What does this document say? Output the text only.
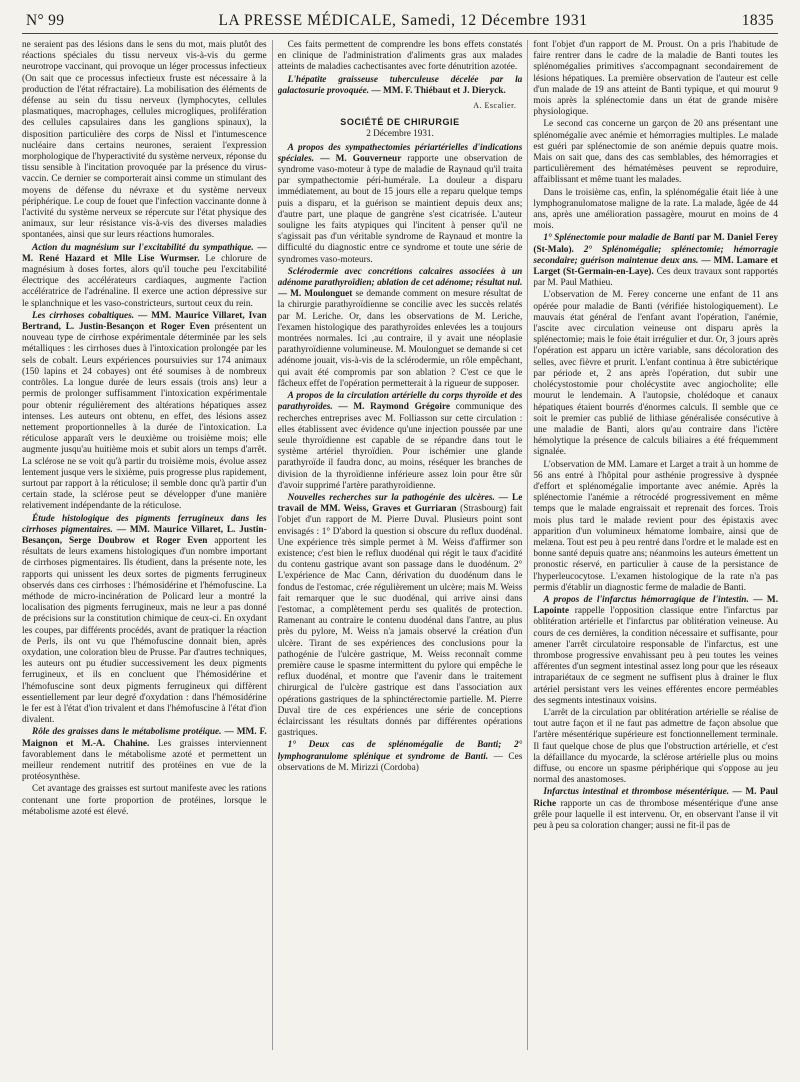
N° 99	LA PRESSE MÉDICALE, Samedi, 12 Décembre 1931	1835

ne seraient pas des lésions dans le sens du mot, mais plutôt des réactions spéciales du tissu nerveux vis-à-vis du germe neurotrope vaccinant, qui provoque un léger processus infectieux (On sait que ce processus infectieux fruste est nécessaire à la production de l'état réfractaire). La mobilisation des éléments de défense au sein du tissu nerveux (lymphocytes, cellules plasmatiques, macrophages, cellules microgliques, prolifération des cellules capsulaires dans les ganglions spinaux), la disposition particulière des corps de Nissl et l'intumescence nucléaire dans certains neurones, seraient l'expression morphologique de l'hyperactivité du système nerveux, réponse du tissu sensible à l'incitation provoquée par la présence du virus-vaccin. Ce dernier se comporterait ainsi comme un stimulant des moyens de défense du névraxe et du système nerveux périphérique. Le coup de fouet que l'infection vaccinante donne à l'activité du système nerveux se répercute sur l'état physique des animaux, sur leur résistance vis-à-vis des diverses maladies spontanées, ainsi que sur leurs réactions humorales.

Action du magnésium sur l'excitabilité du sympathique. — M. René Hazard et Mlle Lise Wurmser. Le chlorure de magnésium à doses fortes, alors qu'il touche peu l'excitabilité électrique des accélérateurs cardiaques, augmente l'action accélératrice de l'adrénaline. Il exerce une action dépressive sur le splanchnique et les vaso-constricteurs, surtout ceux du rein.

Les cirrhoses cobaltiques. — MM. Maurice Villaret, Ivan Bertrand, L. Justin-Besançon et Roger Even présentent un nouveau type de cirrhose expérimentale déterminée par les sels métalliques : les cirrhoses dues à l'intoxication prolongée par les sels de cobalt. Leurs expériences poursuivies sur 174 animaux (150 lapins et 24 cobayes) ont été soumises à de nombreux contrôles. La longue durée de leurs essais (trois ans) leur a permis de prolonger suffisamment l'intoxication expérimentale pour obtenir régulièrement des altérations hépatiques assez intenses. Les auteurs ont obtenu, en effet, des lésions assez nettement proportionnelles à la durée de l'intoxication. La réticulose apparaît vers le deuxième ou troisième mois; elle augmente jusqu'au huitième mois et subit alors un temps d'arrêt. La sclérose ne se voit qu'à partir du troisième mois, évolue assez lentement jusque vers le sixième, puis progresse plus rapidement, surtout par rapport à la réticulose; il semble donc qu'à partir d'un certain stade, la sclérose peut se développer d'une manière relativement indépendante de la réticulose.

Étude histologique des pigments ferrugineux dans les cirrhoses pigmentaires. — MM. Maurice Villaret, L. Justin-Besançon, Serge Doubrow et Roger Even apportent les résultats de leurs examens histologiques d'un nombre important de cirrhoses pigmentaires. Ils étudient, dans la présente note, les rapports qui unissent les deux sortes de pigments ferrugineux observés dans ces cirrhoses : l'hémosidérine et l'hémofuscine. La méthode de micro-incinération de Policard leur a montré la localisation des pigments ferrugineux, mais ne leur a pas donné de précisions sur la constitution chimique de ceux-ci. En oxydant les coupes, par différents procédés, avant de pratiquer la réaction de Perls, ils ont vu que l'hémofuscine donnait bien, après oxydation, une coloration bleu de Prusse. Par d'autres techniques, les auteurs ont pu étudier successivement les deux pigments ferrugineux, et ils en concluent que l'hémosidérine et l'hémofuscine sont deux pigments ferrugineux qui diffèrent essentiellement par leur degré d'oxydation : dans l'hémosidérine le fer est à l'état d'ion trivalent et dans l'hémofuscine à l'état d'ion divalent.

Rôle des graisses dans le métabolisme protéique. — MM. F. Maignon et M.-A. Chahine. Les graisses interviennent favorablement dans le métabolisme azoté et permettent un meilleur rendement nutritif des protéines en vue de la protéosynthèse.

Cet avantage des graisses est surtout manifeste avec les rations contenant une forte proportion de protéines, lorsque le métabolisme azoté est élevé.

Ces faits permettent de comprendre les bons effets constatés en clinique de l'administration d'aliments gras aux malades atteints de maladies cachectisantes avec forte dénutrition azotée.

L'hépatite graisseuse tuberculeuse décelée par la galactosurie provoquée. — MM. F. Thiébaut et J. Dieryck.

A. Escalier.
SOCIÉTÉ DE CHIRURGIE
2 Décembre 1931.

A propos des sympathectomies périartérielles d'indications spéciales. — M. Gouverneur rapporte une observation de syndrome vaso-moteur à type de maladie de Raynaud qu'il traita par sympathectomie péri-humérale. La douleur a disparu immédiatement, au bout de 15 jours elle a reparu quelque temps puis a disparu, et la guérison se maintient depuis deux ans; d'autre part, une plaque de gangrène s'est cicatrisée. L'auteur souligne les faits atypiques qui l'incitent à penser qu'il ne s'agissait pas d'un véritable syndrome de Raynaud et montre la difficulté du diagnostic entre ce syndrome et toute une série de syndromes vaso-moteurs.

Sclérodermie avec concrétions calcaires associées à un adénome parathyroïdien; ablation de cet adénome; résultat nul. — M. Moulonguet se demande comment on mesure résultat de la chirurgie parathyroïdienne se concilie avec les succès relatés par M. Leriche. Or, dans les observations de M. Leriche, l'examen histologique des parathyroïdes enlevées les a toujours montrées normales. Ici ,au contraire, il y avait une néoplasie parathyroïdienne volumineuse. M. Moulonguet se demande si cet adénome jouait, vis-à-vis de la sclérodermie, un rôle empêchant, qui avait été compromis par son ablation ? C'est ce que le fâcheux effet de l'opération permetterait à la rigueur de supposer.

A propos de la circulation artérielle du corps thyroïde et des parathyroïdes. — M. Raymond Grégoire communique des recherches entreprises avec M. Folliasson sur cette circulation : elles établissent avec évidence qu'une injection poussée par une seule thyroïdienne est capable de se répandre dans tout le système artériel thyroïdien. Pour ischémier une glande parathyroïde il faudra donc, au moins, réséquer les branches de division de la thyroïdienne inférieure assez loin pour être sûr d'avoir supprimé l'artère parathyroïdienne.

Nouvelles recherches sur la pathogénie des ulcères. — Le travail de MM. Weiss, Graves et Gurriaran (Strasbourg) fait l'objet d'un rapport de M. Pierre Duval. Plusieurs point sont envisagés : 1° D'abord la question si obscure du reflux duodénal. Une expérience très simple permet à M. Weiss d'affirmer son existence; c'est bien le reflux duodénal qui régit le taux d'acidité du contenu gastrique avant son passage dans le duodénum. 2° L'expérience de Mac Cann, dérivation du duodénum dans le fondus de l'estomac, crée régulièrement un ulcère; mais M. Weiss fait remarquer que le suc duodénal, qui arrive ainsi dans l'estomac, a complètement perdu ses qualités de protection. Ramenant au contraire le contenu duodénal dans l'antre, au plus près du pylore, M. Weiss n'a jamais observé la création d'un ulcère. Tirant de ses expériences des conclusions pour la pathogénie de l'ulcère gastrique, M. Weiss reconnaît comme première cause le spasme intermittent du pylore qui empêche le reflux duodénal, et montre que l'avenir dans le traitement chirurgical de l'ulcère gastrique est dans l'association aux opérations gastriques de la sphinctérectomie partielle. M. Pierre Duval tire de ces expériences une série de conceptions éclaircissant les résultats donnés par différentes opérations gastriques.

1° Deux cas de splénomégalie de Banti; 2° lymphogranulome splénique et syndrome de Banti. — Ces observations de M. Mirizzi (Cordoba)

font l'objet d'un rapport de M. Proust. On a pris l'habitude de faire rentrer dans le cadre de la maladie de Banti toutes les splénomégalies primitives s'accompagnant secondairement de lésions hépatiques. La première observation de l'auteur est celle d'un malade de 19 ans atteint de Banti typique, et qui mourut 9 mois après la splénectomie dans un état de grande misère physiologique.

Le second cas concerne un garçon de 20 ans présentant une splénomégalie avec anémie et hémorragies multiples. Le malade est guéri par splénectomie de son anémie depuis quatre mois. Mais on sait que, dans des cas semblables, des hémorragies et particulièrement des hématémèses peuvent se reproduire, affaiblissant et même tuant les malades.

Dans le troisième cas, enfin, la splénomégalie était liée à une lymphogranulomatose maligne de la rate. La malade, âgée de 44 ans, après une amélioration passagère, mourut en moins de 4 mois.

1° Splénectomie pour maladie de Banti par M. Daniel Ferey (St-Malo). 2° Splénomégalie; splénectomie; hémorragie secondaire; guérison maintenue deux ans. — MM. Lamare et Larget (St-Germain-en-Laye). Ces deux travaux sont rapportés par M. Paul Mathieu.

L'observation de M. Ferey concerne une enfant de 11 ans opérée pour maladie de Banti (vérifiée histologiquement). Le mauvais état général de l'enfant avant l'opération, l'anémie, l'ascite avec circulation veineuse ont disparu après la splénectomie; mais le foie était irrégulier et dur. Or, 3 jours après l'opération est apparu un ictère variable, sans décoloration des selles, avec fièvre et prurit. L'enfant continua à être subictérique par période et, 2 ans après l'opération, dut subir une cholécystostomie pour cholécystite avec angiocholite; elle mourut le lendemain. A l'autopsie, cholédoque et canaux hépatiques étaient bourrés d'énormes calculs. Il semble que ce soit le premier cas publié de lithiase généralisée consécutive à une maladie de Banti, alors qu'au contraire dans l'ictère hémolytique la présence de calculs biliaires a été fréquemment signalée.

L'observation de MM. Lamare et Larget a trait à un homme de 56 ans entré à l'hôpital pour asthénie progressive à dyspnée d'effort et splénomégalie importante avec anémie. Après la splénectomie l'anémie a rétrocédé progressivement en même temps que le malade engraissait et reprenait des forces. Trois mois plus tard le malade revient pour des épistaxis avec apparition d'un volumineux hématome lombaire, ainsi que de melæna. Tout est peu à peu rentré dans l'ordre et le malade est en bonne santé depuis quatre ans; néanmoins les auteurs émettent un pronostic réservé, en particulier à cause de la persistance de l'hyperleucocytose. L'examen histologique de la rate n'a pas permis d'établir un diagnostic ferme de maladie de Banti.

A propos de l'infarctus hémorragique de l'intestin. — M. Lapointe rappelle l'opposition classique entre l'infarctus par oblitération artérielle et l'infarctus par oblitération veineuse. Au cours de ces dernières, la condition nécessaire et suffisante, pour amener l'arrêt circulatoire responsable de l'infarctus, est une thrombose progressive envahissant peu à peu toutes les veines afférentes d'un segment intestinal assez long pour que les réseaux intrapariétaux de ce segment ne suffisent plus à drainer le flux artériel persistant vers les veines efférentes encore perméables des segments intestinaux voisins.

L'arrêt de la circulation par oblitération artérielle se réalise de tout autre façon et il ne faut pas admettre de façon absolue que l'artère mésentérique supérieure est fonctionnellement terminale. Il faut quelque chose de plus que l'obstruction artérielle, et c'est la défaillance du myocarde, la sclérose artérielle plus ou moins diffuse, ou encore un spasme périphérique qui s'oppose au jeu normal des anastomoses.

Infarctus intestinal et thrombose mésentérique. — M. Paul Riche rapporte un cas de thrombose mésentérique d'une anse grêle pour laquelle il est intervenu. Or, en observant l'anse il vit peu à peu sa coloration changer; aussi ne fit-il pas de
